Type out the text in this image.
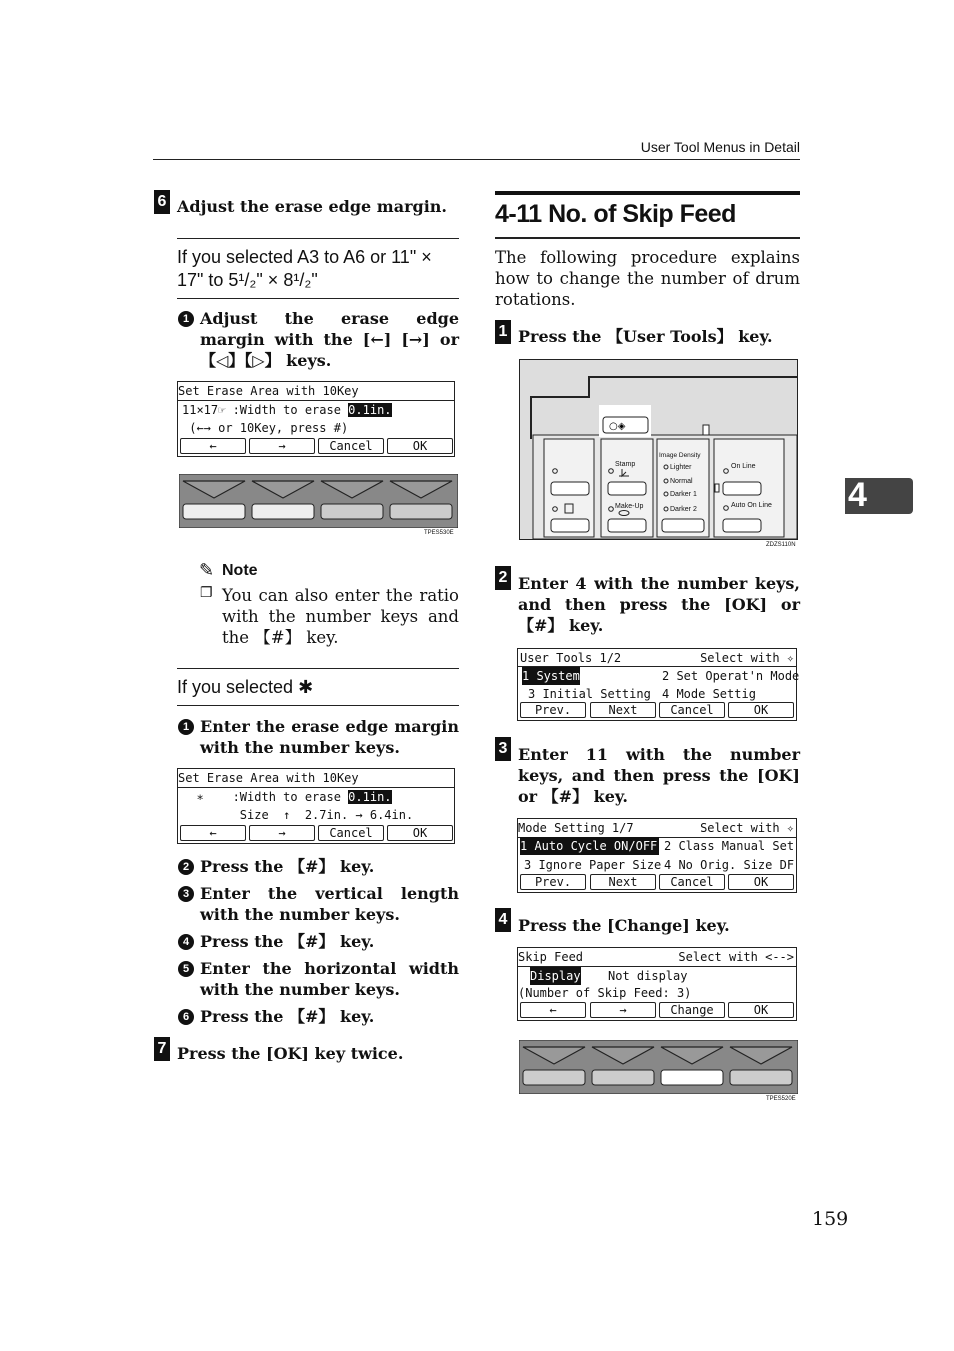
User Tool Menus in Detail
4
159
6 Adjust the erase edge margin.
If you selected A3 to A6 or 11" × 17" to 5¹/₂" × 8¹/₂"
1 Adjust the erase edge margin with the [←] [→] or 【◁】【▷】 keys.
Set Erase Area with 10Key
11×17☞ :Width to erase 0.1in.
(←→ or 10Key, press #)
←	→	Cancel	OK
TPES530E
✎ Note
❐ You can also enter the ratio with the number keys and the 【#】 key.
If you selected ✱
1 Enter the erase edge margin with the number keys.
Set Erase Area with 10Key
∗    :Width to erase 0.1in.
Size  ↑  2.7in. → 6.4in.
←	→	Cancel	OK
2 Press the 【#】 key.
3 Enter the vertical length with the number keys.
4 Press the 【#】 key.
5 Enter the horizontal width with the number keys.
6 Press the 【#】 key.
7 Press the [OK] key twice.
4-11 No. of Skip Feed
The following procedure explains how to change the number of drum rotations.
1 Press the 【User Tools】 key.
○◈
Stamp
Make-Up
Image Density
Lighter
Normal
Darker 1
Darker 2
On Line
Auto On Line
ZDZS110N
2 Enter 4 with the number keys, and then press the [OK] or 【#】 key.
User Tools 1/2	Select with ✧
1 System	2 Set Operat'n Mode
3 Initial Setting 4 Mode Settig
Prev.	Next	Cancel	OK
3 Enter 11 with the number keys, and then press the [OK] or 【#】 key.
Mode Setting 1/7	Select with ✧
1 Auto Cycle ON/OFF 2 Class Manual Set
3 Ignore Paper Size 4 No Orig. Size DF
Prev.	Next	Cancel	OK
4 Press the [Change] key.
Skip Feed	Select with <-->
Display Not display
(Number of Skip Feed: 3)
←	→	Change	OK
TPES520E
